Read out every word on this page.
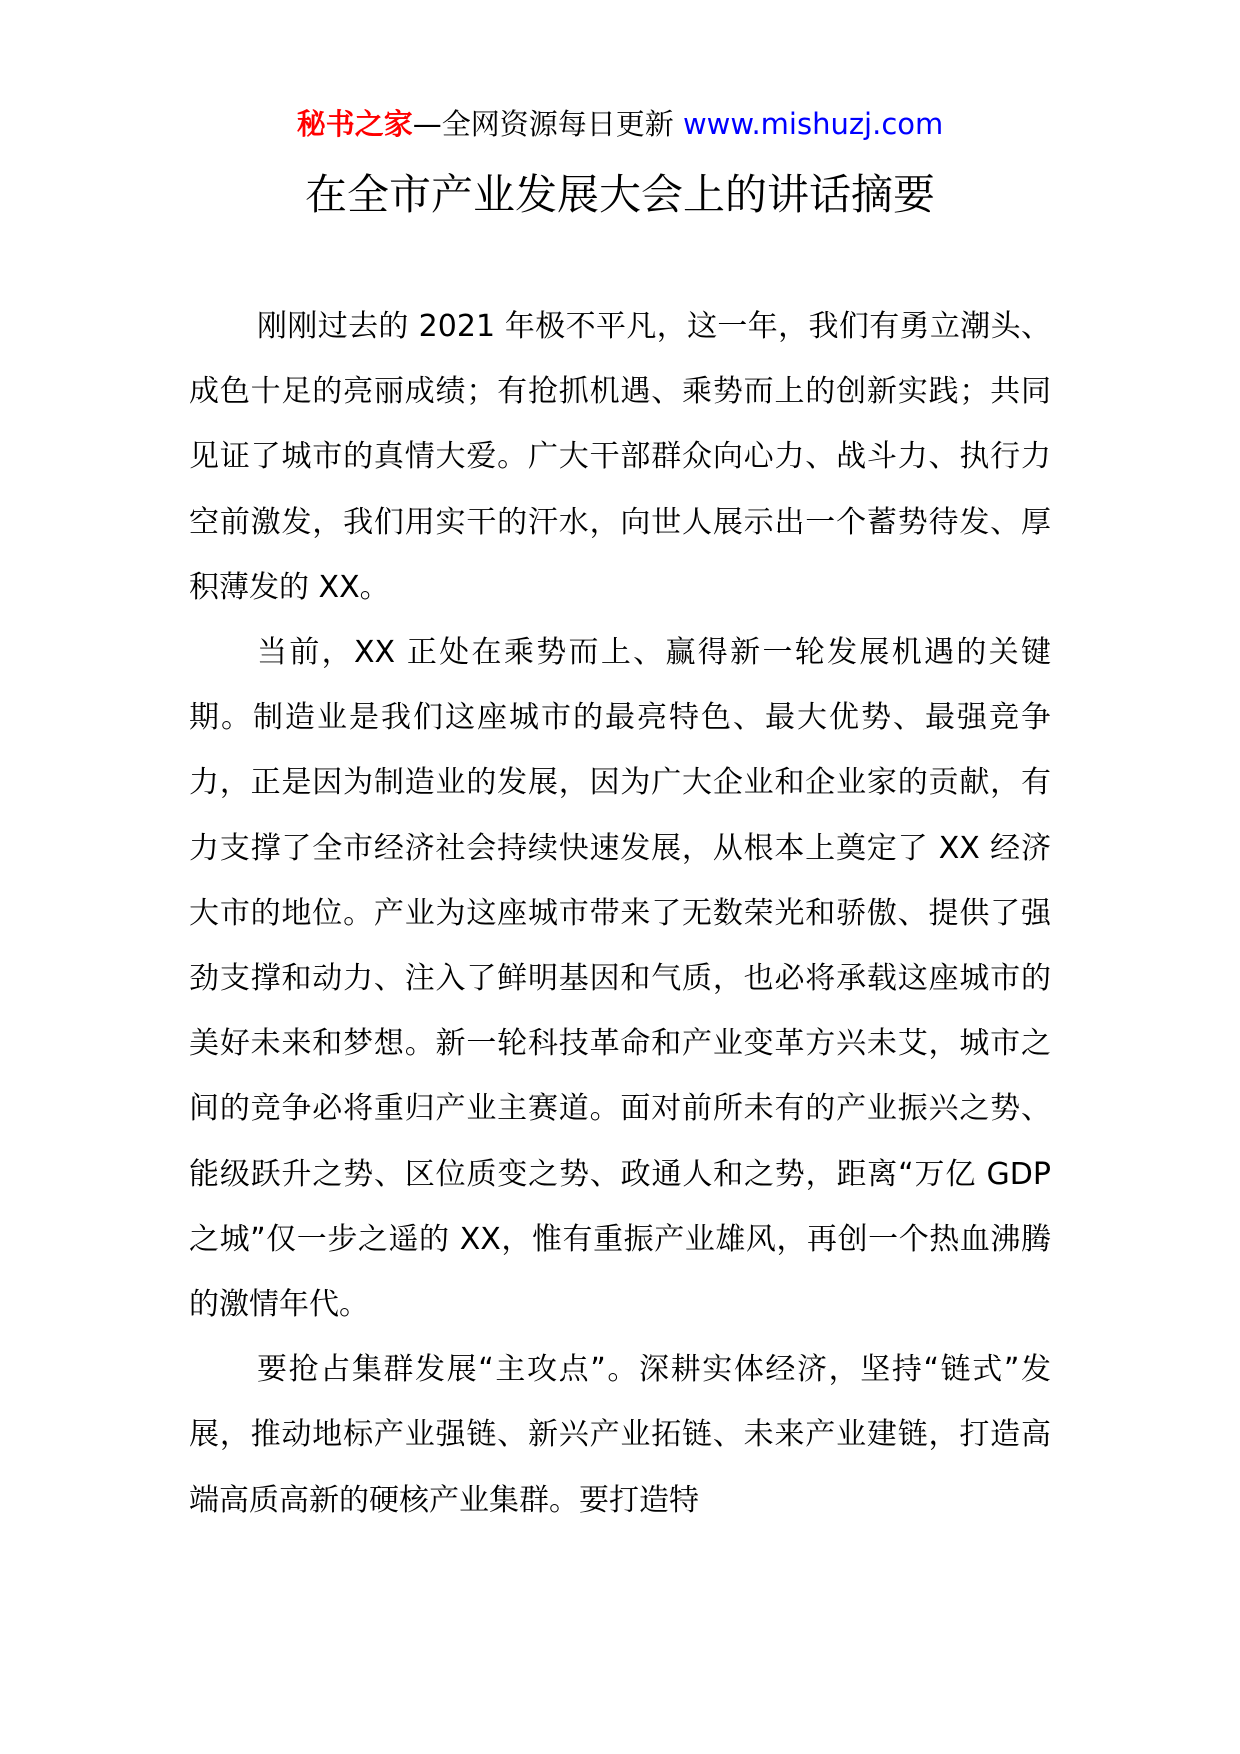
秘书之家—全网资源每日更新 www.mishuzj.com
在全市产业发展大会上的讲话摘要

刚刚过去的 2021 年极不平凡，这一年，我们有勇立潮头、成色十足的亮丽成绩；有抢抓机遇、乘势而上的创新实践；共同见证了城市的真情大爱。广大干部群众向心力、战斗力、执行力空前激发，我们用实干的汗水，向世人展示出一个蓄势待发、厚积薄发的 XX。

当前，XX 正处在乘势而上、赢得新一轮发展机遇的关键期。制造业是我们这座城市的最亮特色、最大优势、最强竞争力，正是因为制造业的发展，因为广大企业和企业家的贡献，有力支撑了全市经济社会持续快速发展，从根本上奠定了 XX 经济大市的地位。产业为这座城市带来了无数荣光和骄傲、提供了强劲支撑和动力、注入了鲜明基因和气质，也必将承载这座城市的美好未来和梦想。新一轮科技革命和产业变革方兴未艾，城市之间的竞争必将重归产业主赛道。面对前所未有的产业振兴之势、能级跃升之势、区位质变之势、政通人和之势，距离“万亿 GDP 之城”仅一步之遥的 XX，惟有重振产业雄风，再创一个热血沸腾的激情年代。

要抢占集群发展“主攻点”。深耕实体经济，坚持“链式”发展，推动地标产业强链、新兴产业拓链、未来产业建链，打造高端高质高新的硬核产业集群。要打造特
